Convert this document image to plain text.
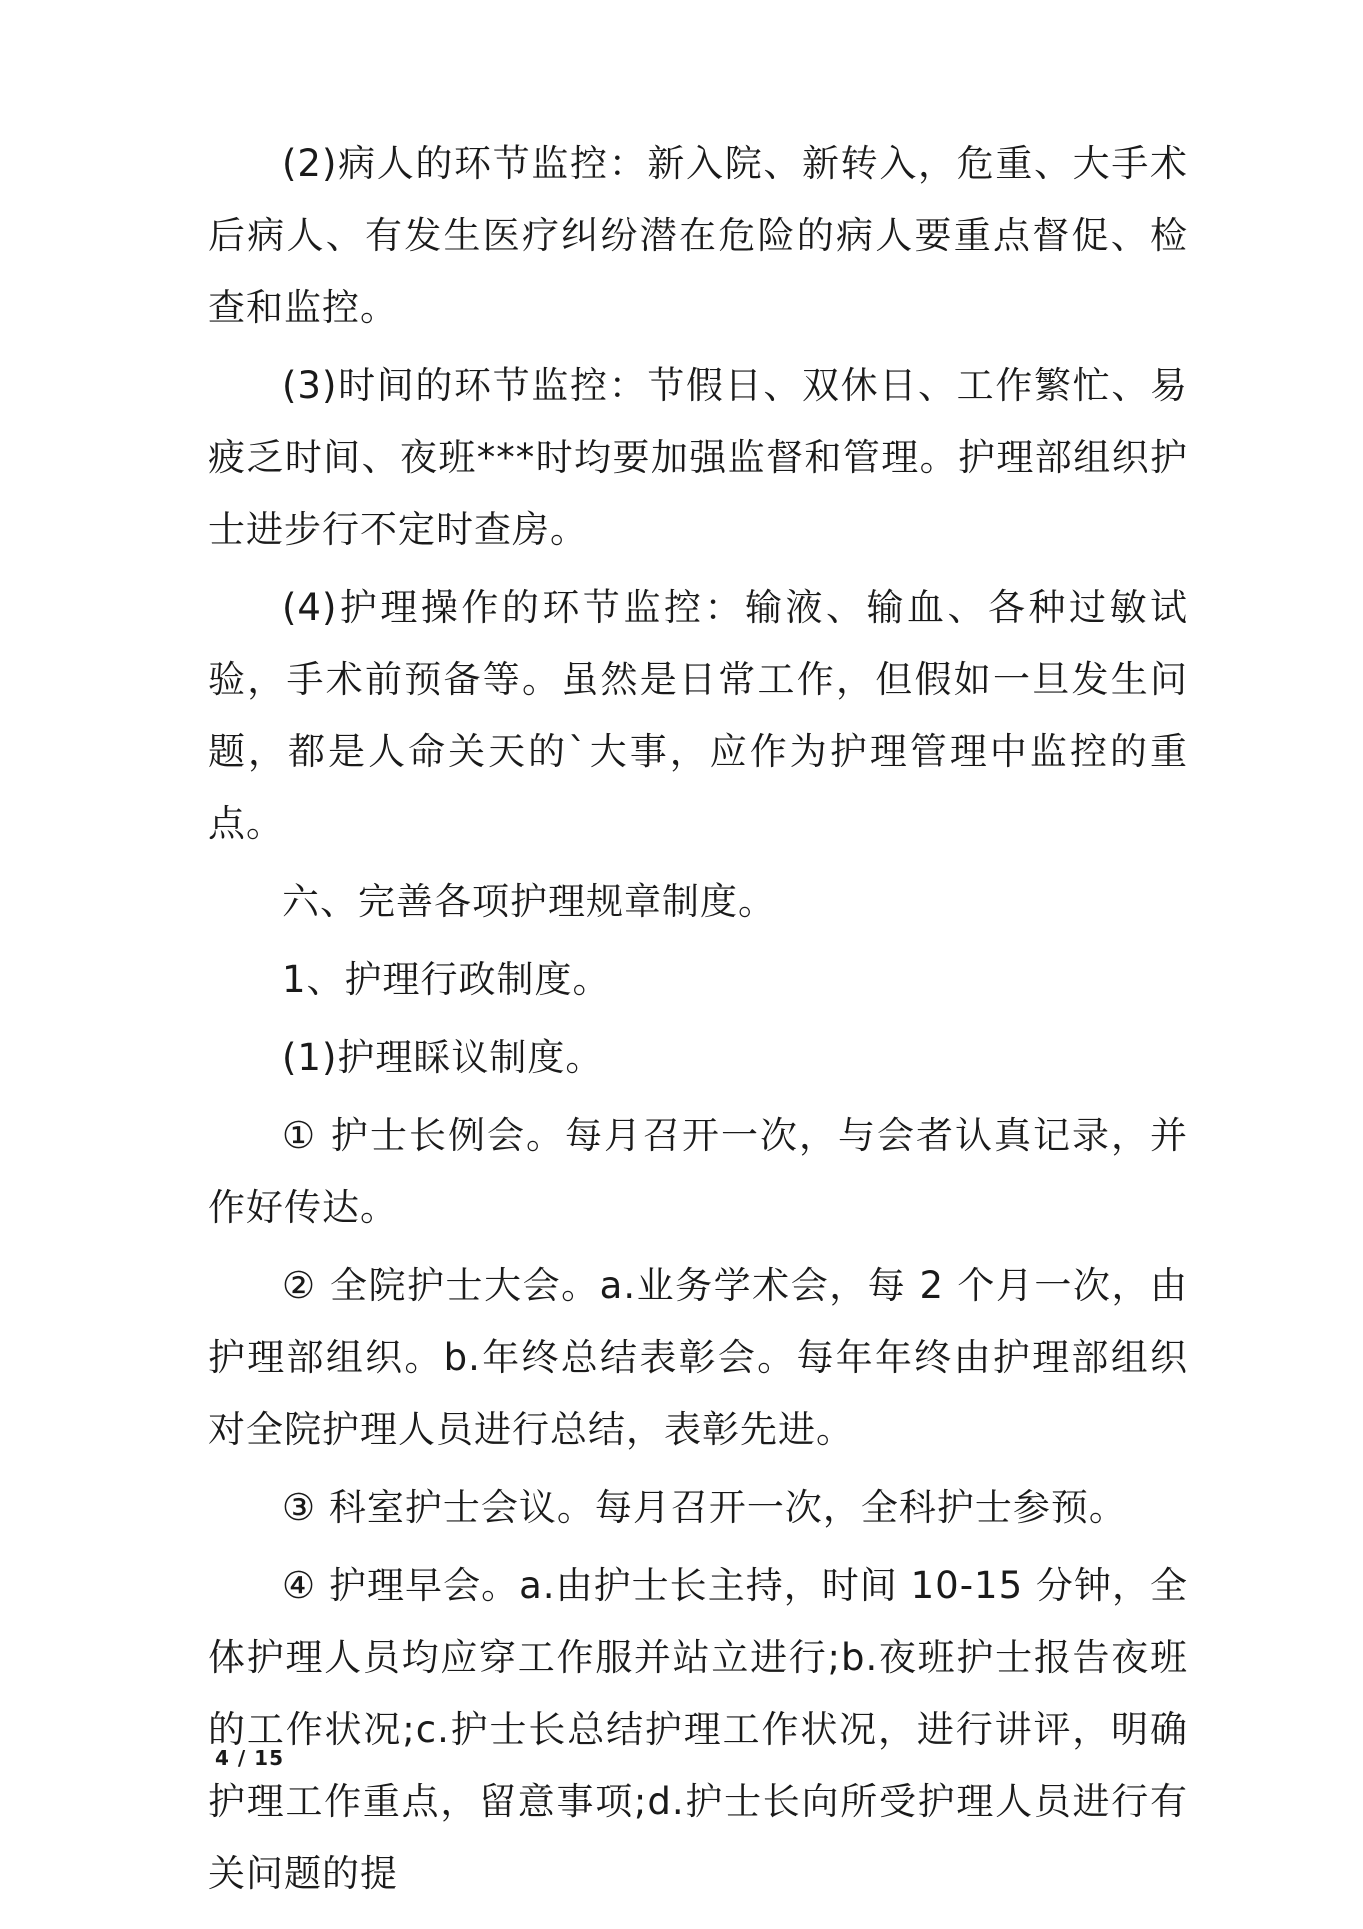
(2)病人的环节监控：新入院、新转入，危重、大手术后病人、有发生医疗纠纷潜在危险的病人要重点督促、检查和监控。

(3)时间的环节监控：节假日、双休日、工作繁忙、易疲乏时间、夜班***时均要加强监督和管理。护理部组织护士进步行不定时查房。

(4)护理操作的环节监控：输液、输血、各种过敏试验，手术前预备等。虽然是日常工作，但假如一旦发生问题，都是人命关天的`大事，应作为护理管理中监控的重点。

六、完善各项护理规章制度。

1、护理行政制度。

(1)护理睬议制度。

① 护士长例会。每月召开一次，与会者认真记录，并作好传达。

② 全院护士大会。a.业务学术会，每 2 个月一次，由护理部组织。b.年终总结表彰会。每年年终由护理部组织对全院护理人员进行总结，表彰先进。

③ 科室护士会议。每月召开一次，全科护士参预。

④ 护理早会。a.由护士长主持，时间 10-15 分钟，全体护理人员均应穿工作服并站立进行;b.夜班护士报告夜班的工作状况;c.护士长总结护理工作状况，进行讲评，明确护理工作重点，留意事项;d.护士长向所受护理人员进行有关问题的提

4 / 15
